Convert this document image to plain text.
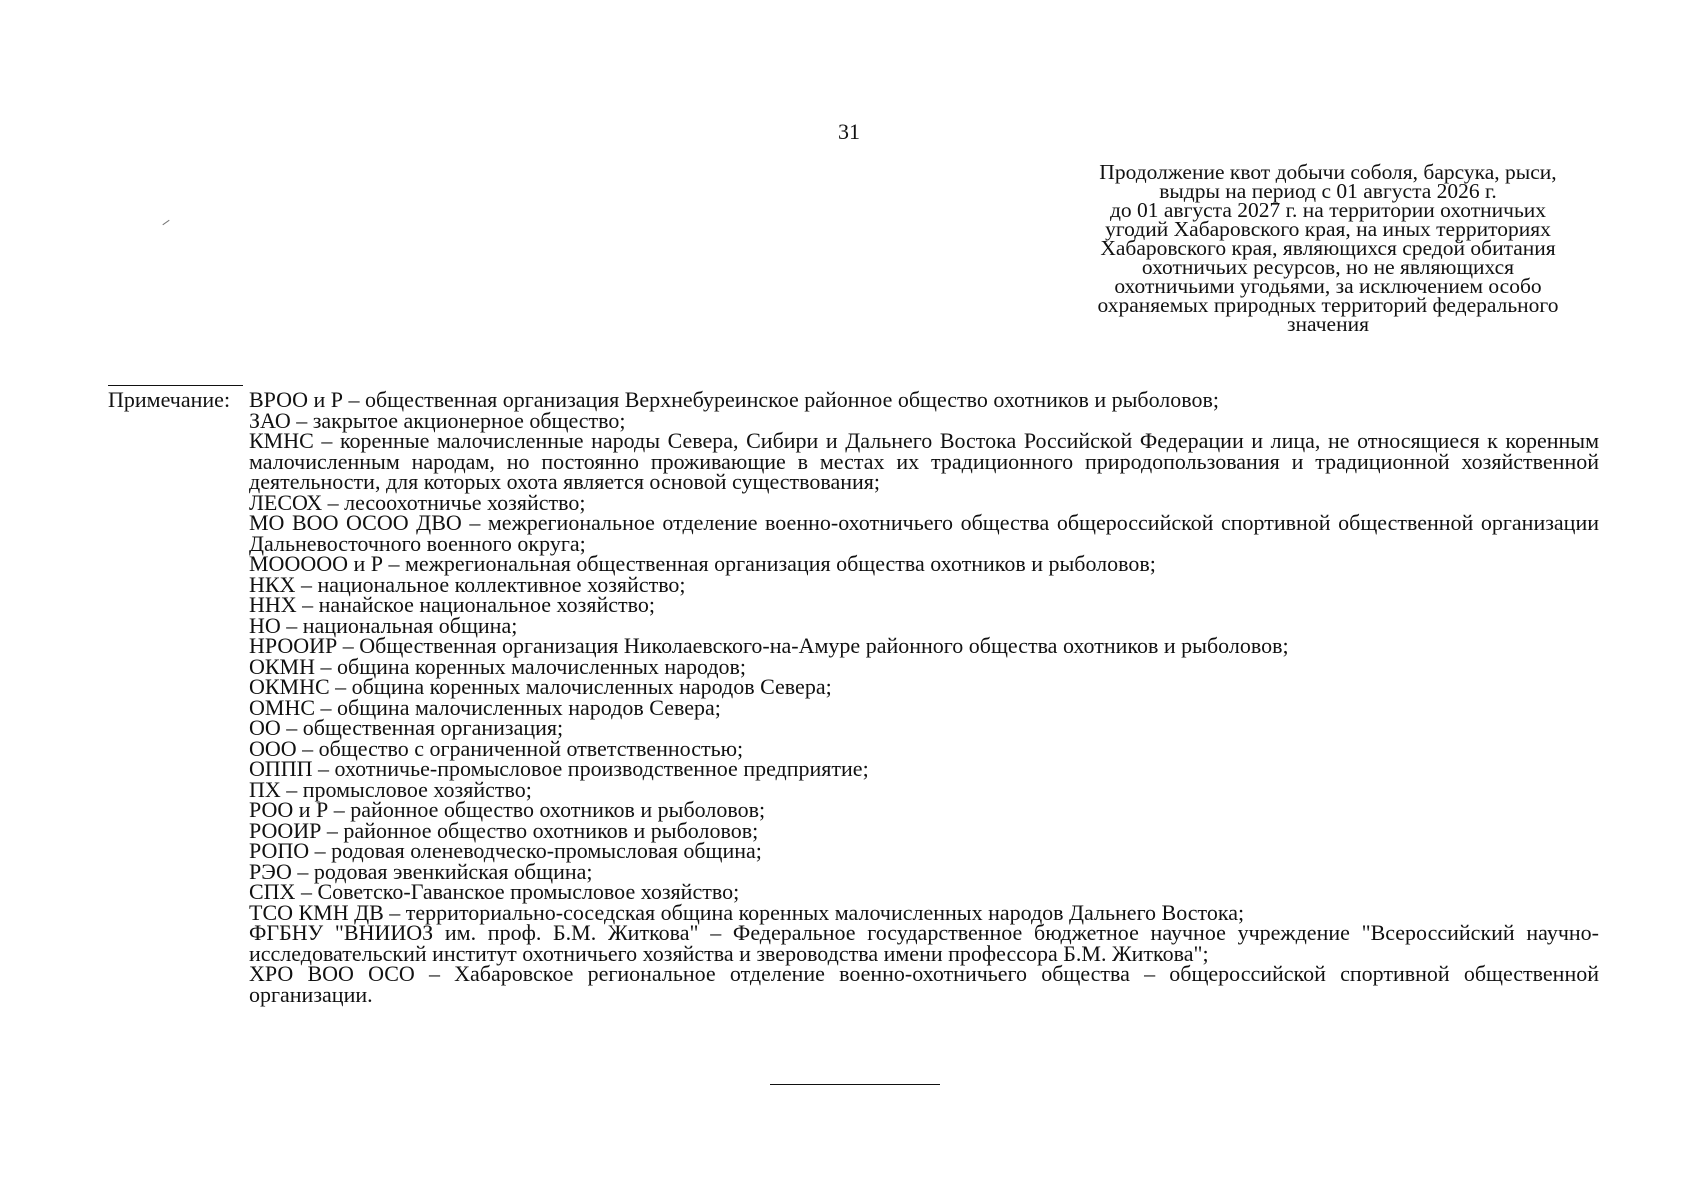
31
Продолжение квот добычи соболя, барсука, рыси,
выдры на период с 01 августа 2026 г.
до 01 августа 2027 г. на территории охотничьих
угодий Хабаровского края, на иных территориях
Хабаровского края, являющихся средой обитания
охотничьих ресурсов, но не являющихся
охотничьими угодьями, за исключением особо
охраняемых природных территорий федерального
значения
Примечание: ВРОО и Р – общественная организация Верхнебуреинское районное общество охотников и рыболовов;

ЗАО – закрытое акционерное общество;

КМНС – коренные малочисленные народы Севера, Сибири и Дальнего Востока Российской Федерации и лица, не относящиеся к коренным малочисленным народам, но постоянно проживающие в местах их традиционного природопользования и традиционной хозяйственной деятельности, для которых охота является основой существования;

ЛЕСОХ – лесоохотничье хозяйство;

МО ВОО ОСОО ДВО – межрегиональное отделение военно-охотничьего общества общероссийской спортивной общественной организации Дальневосточного военного округа;

МООООО и Р – межрегиональная общественная организация общества охотников и рыболовов;

НКХ – национальное коллективное хозяйство;

ННХ – нанайское национальное хозяйство;

НО – национальная община;

НРООИР – Общественная организация Николаевского-на-Амуре районного общества охотников и рыболовов;

ОКМН – община коренных малочисленных народов;

ОКМНС – община коренных малочисленных народов Севера;

ОМНС – община малочисленных народов Севера;

ОО – общественная организация;

ООО – общество с ограниченной ответственностью;

ОППП – охотничье-промысловое производственное предприятие;

ПХ – промысловое хозяйство;

РОО и Р – районное общество охотников и рыболовов;

РООИР – районное общество охотников и рыболовов;

РОПО – родовая оленеводческо-промысловая община;

РЭО – родовая эвенкийская община;

СПХ – Советско-Гаванское промысловое хозяйство;

ТСО КМН ДВ – территориально-соседская община коренных малочисленных народов Дальнего Востока;

ФГБНУ "ВНИИОЗ им. проф. Б.М. Житкова" – Федеральное государственное бюджетное научное учреждение "Всероссийский научно-исследовательский институт охотничьего хозяйства и звероводства имени профессора Б.М. Житкова";

ХРО ВОО ОСО – Хабаровское региональное отделение военно-охотничьего общества – общероссийской спортивной общественной организации.
